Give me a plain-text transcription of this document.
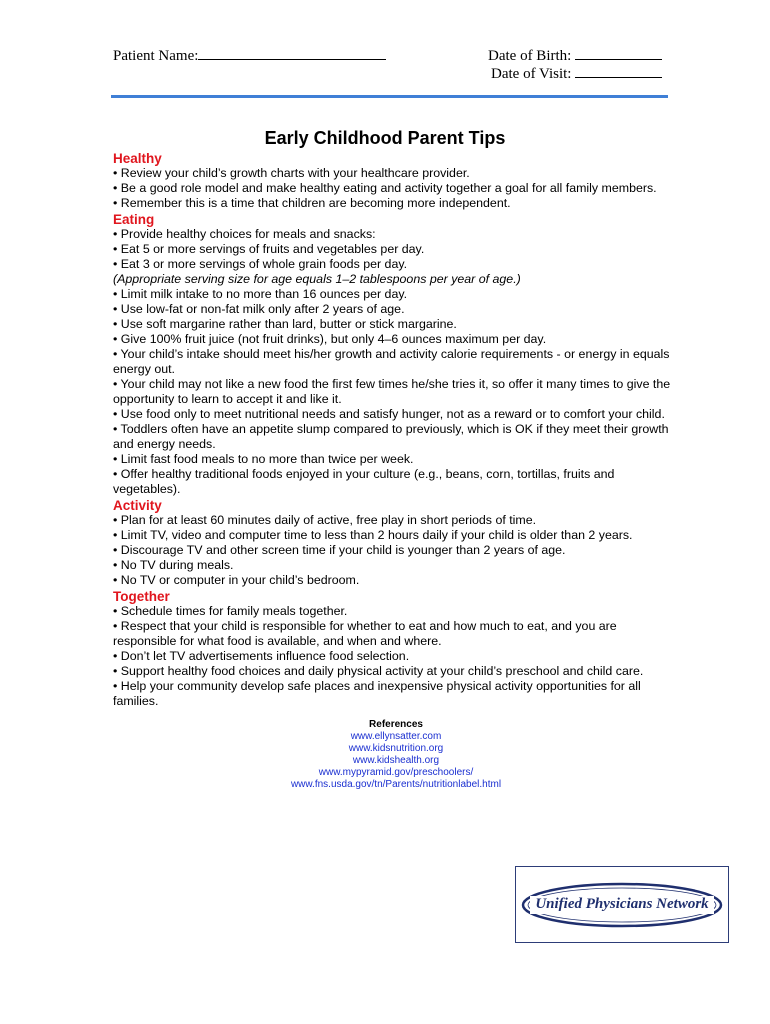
Patient Name:	Date of Birth:
Date of Visit:
Early Childhood Parent Tips
Healthy

• Review your child’s growth charts with your healthcare provider.

• Be a good role model and make healthy eating and activity together a goal for all family members.

• Remember this is a time that children are becoming more independent.

Eating

• Provide healthy choices for meals and snacks:

• Eat 5 or more servings of fruits and vegetables per day.

• Eat 3 or more servings of whole grain foods per day.

(Appropriate serving size for age equals 1–2 tablespoons per year of age.)

• Limit milk intake to no more than 16 ounces per day.

• Use low-fat or non-fat milk only after 2 years of age.

• Use soft margarine rather than lard, butter or stick margarine.

• Give 100% fruit juice (not fruit drinks), but only 4–6 ounces maximum per day.

• Your child’s intake should meet his/her growth and activity calorie requirements - or energy in equals energy out.

• Your child may not like a new food the first few times he/she tries it, so offer it many times to give the opportunity to learn to accept it and like it.

• Use food only to meet nutritional needs and satisfy hunger, not as a reward or to comfort your child.

• Toddlers often have an appetite slump compared to previously, which is OK if they meet their growth and energy needs.

• Limit fast food meals to no more than twice per week.

• Offer healthy traditional foods enjoyed in your culture (e.g., beans, corn, tortillas, fruits and vegetables).

Activity

• Plan for at least 60 minutes daily of active, free play in short periods of time.

• Limit TV, video and computer time to less than 2 hours daily if your child is older than 2 years.

• Discourage TV and other screen time if your child is younger than 2 years of age.

• No TV during meals.

• No TV or computer in your child’s bedroom.

Together

• Schedule times for family meals together.

• Respect that your child is responsible for whether to eat and how much to eat, and you are responsible for what food is available, and when and where.

• Don’t let TV advertisements influence food selection.

• Support healthy food choices and daily physical activity at your child’s preschool and child care.

• Help your community develop safe places and inexpensive physical activity opportunities for all families.

References
www.ellynsatter.com
www.kidsnutrition.org
www.kidshealth.org
www.mypyramid.gov/preschoolers/
www.fns.usda.gov/tn/Parents/nutritionlabel.html
Unified Physicians Network
